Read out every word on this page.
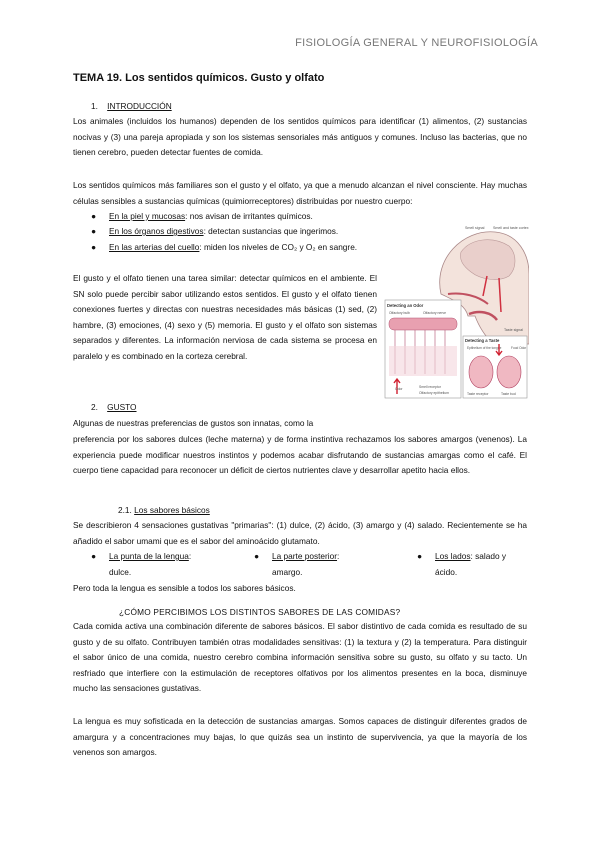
FISIOLOGÍA GENERAL Y NEUROFISIOLOGÍA
TEMA 19. Los sentidos químicos. Gusto y olfato
1. INTRODUCCIÓN
Los animales (incluidos los humanos) dependen de los sentidos químicos para identificar (1) alimentos, (2) sustancias nocivas y (3) una pareja apropiada y son los sistemas sensoriales más antiguos y comunes. Incluso las bacterias, que no tienen cerebro, pueden detectar fuentes de comida.
Los sentidos químicos más familiares son el gusto y el olfato, ya que a menudo alcanzan el nivel consciente. Hay muchas células sensibles a sustancias químicas (quimiorreceptores) distribuidas por nuestro cuerpo:
● En la piel y mucosas: nos avisan de irritantes químicos.
● En los órganos digestivos: detectan sustancias que ingerimos.
● En las arterias del cuello: miden los niveles de CO₂ y O₂ en sangre.
El gusto y el olfato tienen una tarea similar: detectar químicos en el ambiente. El SN solo puede percibir sabor utilizando estos sentidos. El gusto y el olfato tienen conexiones fuertes y directas con nuestras necesidades más básicas (1) sed, (2) hambre, (3) emociones, (4) sexo y (5) memoria. El gusto y el olfato son sistemas separados y diferentes. La información nerviosa de cada sistema se procesa en paralelo y es combinado en la corteza cerebral.
Smell signal Smell and taste cortex
Taste signal
Detecting an Odor
Olfactory bulb	Olfactory nerve
Odor	Smell receptor
Olfactory epithelium
Detecting a Taste
Epithelium of the tongue	Food Odor
Taste receptor	Taste bud
2. GUSTO
Algunas de nuestras preferencias de gustos son innatas, como la
preferencia por los sabores dulces (leche materna) y de forma instintiva rechazamos los sabores amargos (venenos). La experiencia puede modificar nuestros instintos y podemos acabar disfrutando de sustancias amargas como el café. El cuerpo tiene capacidad para reconocer un déficit de ciertos nutrientes clave y desarrollar apetito hacia ellos.
2.1. Los sabores básicos
Se describieron 4 sensaciones gustativas "primarias": (1) dulce, (2) ácido, (3) amargo y (4) salado. Recientemente se ha añadido el sabor umami que es el sabor del aminoácido glutamato.
● La punta de la lengua:
dulce.
● La parte posterior:
amargo.
● Los lados: salado y
ácido.
Pero toda la lengua es sensible a todos los sabores básicos.
¿CÓMO PERCIBIMOS LOS DISTINTOS SABORES DE LAS COMIDAS?
Cada comida activa una combinación diferente de sabores básicos. El sabor distintivo de cada comida es resultado de su gusto y de su olfato. Contribuyen también otras modalidades sensitivas: (1) la textura y (2) la temperatura. Para distinguir el sabor único de una comida, nuestro cerebro combina información sensitiva sobre su gusto, su olfato y su tacto. Un resfriado que interfiere con la estimulación de receptores olfativos por los alimentos presentes en la boca, disminuye mucho las sensaciones gustativas.
La lengua es muy sofisticada en la detección de sustancias amargas. Somos capaces de distinguir diferentes grados de amargura y a concentraciones muy bajas, lo que quizás sea un instinto de supervivencia, ya que la mayoría de los venenos son amargos.
